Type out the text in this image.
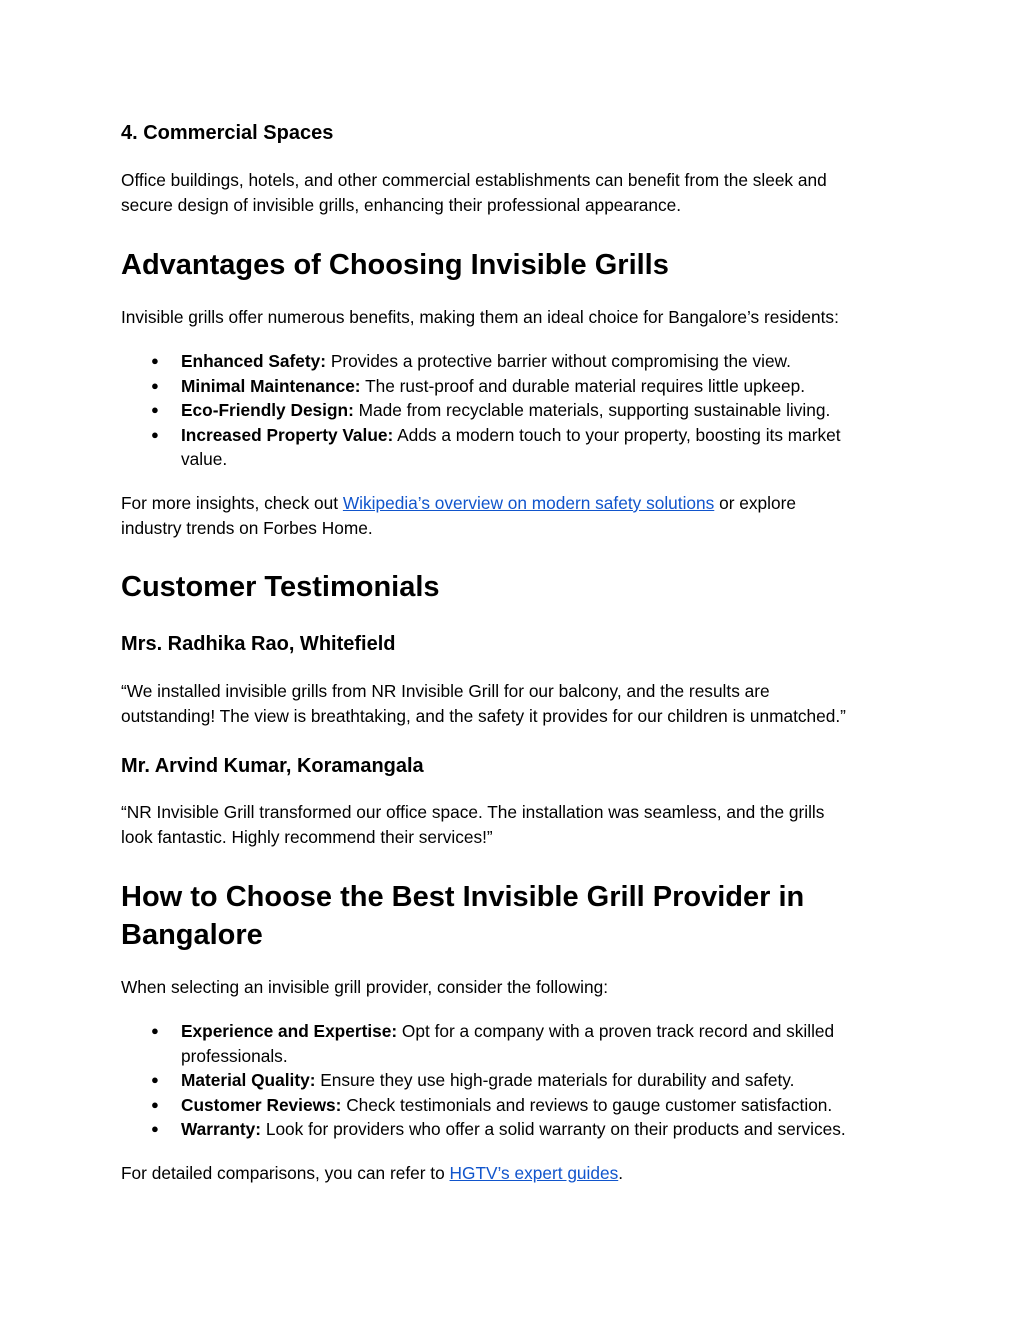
4. Commercial Spaces
Office buildings, hotels, and other commercial establishments can benefit from the sleek and
secure design of invisible grills, enhancing their professional appearance.
Advantages of Choosing Invisible Grills
Invisible grills offer numerous benefits, making them an ideal choice for Bangalore’s residents:
● Enhanced Safety: Provides a protective barrier without compromising the view.
● Minimal Maintenance: The rust-proof and durable material requires little upkeep.
● Eco-Friendly Design: Made from recyclable materials, supporting sustainable living.
● Increased Property Value: Adds a modern touch to your property, boosting its market
value.
For more insights, check out Wikipedia’s overview on modern safety solutions or explore
industry trends on Forbes Home.
Customer Testimonials
Mrs. Radhika Rao, Whitefield
“We installed invisible grills from NR Invisible Grill for our balcony, and the results are
outstanding! The view is breathtaking, and the safety it provides for our children is unmatched.”
Mr. Arvind Kumar, Koramangala
“NR Invisible Grill transformed our office space. The installation was seamless, and the grills
look fantastic. Highly recommend their services!”
How to Choose the Best Invisible Grill Provider in
Bangalore
When selecting an invisible grill provider, consider the following:
● Experience and Expertise: Opt for a company with a proven track record and skilled
professionals.
● Material Quality: Ensure they use high-grade materials for durability and safety.
● Customer Reviews: Check testimonials and reviews to gauge customer satisfaction.
● Warranty: Look for providers who offer a solid warranty on their products and services.
For detailed comparisons, you can refer to HGTV’s expert guides.
